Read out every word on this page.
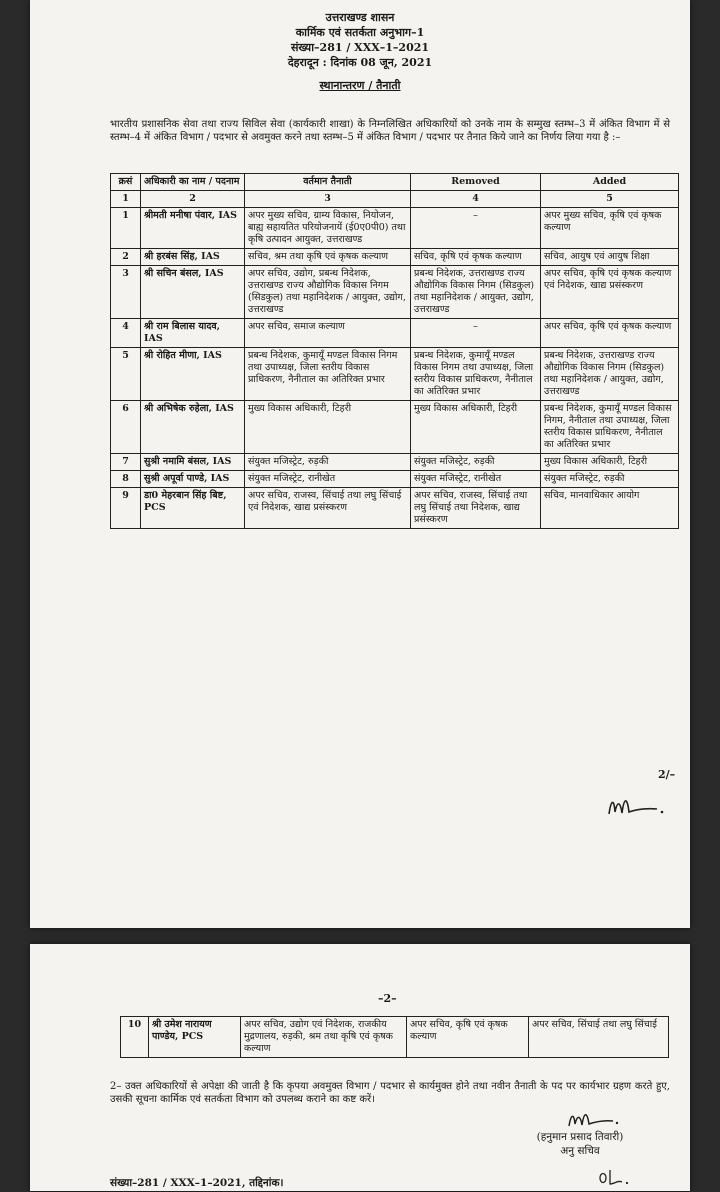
उत्तराखण्ड शासन
कार्मिक एवं सतर्कता अनुभाग–1
संख्या–281 / XXX–1–2021
देहरादून : दिनांक 08 जून, 2021
स्थानान्तरण / तैनाती

भारतीय प्रशासनिक सेवा तथा राज्य सिविल सेवा (कार्यकारी शाखा) के निम्नलिखित अधिकारियों को उनके नाम के सम्मुख स्तम्भ–3 में अंकित विभाग में से स्तम्भ–4 में अंकित विभाग / पदभार से अवमुक्त करने तथा स्तम्भ–5 में अंकित विभाग / पदभार पर तैनात किये जाने का निर्णय लिया गया है :–

क्रसं	अधिकारी का नाम / पदनाम	वर्तमान तैनाती	Removed	Added
1	2	3	4	5
1	श्रीमती मनीषा पंवार, IAS	अपर मुख्य सचिव, ग्राम्य विकास, नियोजन, बाह्य सहायतित परियोजनायें (ई0ए0पी0) तथा कृषि उत्पादन आयुक्त, उत्तराखण्ड	–	अपर मुख्य सचिव, कृषि एवं कृषक कल्याण
2	श्री हरबंस सिंह, IAS	सचिव, श्रम तथा कृषि एवं कृषक कल्याण	सचिव, कृषि एवं कृषक कल्याण	सचिव, आयुष एवं आयुष शिक्षा
3	श्री सचिन बंसल, IAS	अपर सचिव, उद्योग, प्रबन्ध निदेशक, उत्तराखण्ड राज्य औद्योगिक विकास निगम (सिडकुल) तथा महानिदेशक / आयुक्त, उद्योग, उत्तराखण्ड	प्रबन्ध निदेशक, उत्तराखण्ड राज्य औद्योगिक विकास निगम (सिडकुल) तथा महानिदेशक / आयुक्त, उद्योग, उत्तराखण्ड	अपर सचिव, कृषि एवं कृषक कल्याण एवं निदेशक, खाद्य प्रसंस्करण
4	श्री राम बिलास यादव, IAS	अपर सचिव, समाज कल्याण	–	अपर सचिव, कृषि एवं कृषक कल्याण
5	श्री रोहित मीणा, IAS	प्रबन्ध निदेशक, कुमायूँ मण्डल विकास निगम तथा उपाध्यक्ष, जिला स्तरीय विकास प्राधिकरण, नैनीताल का अतिरिक्त प्रभार	प्रबन्ध निदेशक, कुमायूँ मण्डल विकास निगम तथा उपाध्यक्ष, जिला स्तरीय विकास प्राधिकरण, नैनीताल का अतिरिक्त प्रभार	प्रबन्ध निदेशक, उत्तराखण्ड राज्य औद्योगिक विकास निगम (सिडकुल) तथा महानिदेशक / आयुक्त, उद्योग, उत्तराखण्ड
6	श्री अभिषेक रुहेला, IAS	मुख्य विकास अधिकारी, टिहरी	मुख्य विकास अधिकारी, टिहरी	प्रबन्ध निदेशक, कुमायूँ मण्डल विकास निगम, नैनीताल तथा उपाध्यक्ष, जिला स्तरीय विकास प्राधिकरण, नैनीताल का अतिरिक्त प्रभार
7	सुश्री नमामि बंसल, IAS	संयुक्त मजिस्ट्रेट, रुड़की	संयुक्त मजिस्ट्रेट, रुड़की	मुख्य विकास अधिकारी, टिहरी
8	सुश्री अपूर्वा पाण्डे, IAS	संयुक्त मजिस्ट्रेट, रानीखेत	संयुक्त मजिस्ट्रेट, रानीखेत	संयुक्त मजिस्ट्रेट, रुड़की
9	डा0 मेहरबान सिंह बिष्ट, PCS	अपर सचिव, राजस्व, सिंचाई तथा लघु सिंचाई एवं निदेशक, खाद्य प्रसंस्करण	अपर सचिव, राजस्व, सिंचाई तथा लघु सिंचाई तथा निदेशक, खाद्य प्रसंस्करण	सचिव, मानवाधिकार आयोग
2/–
–2–
10	श्री उमेश नारायण पाण्डेय, PCS	अपर सचिव, उद्योग एवं निदेशक, राजकीय मुद्रणालय, रुड़की, श्रम तथा कृषि एवं कृषक कल्याण	अपर सचिव, कृषि एवं कृषक कल्याण	अपर सचिव, सिंचाई तथा लघु सिंचाई

2– उक्त अधिकारियों से अपेक्षा की जाती है कि कृपया अवमुक्त विभाग / पदभार से कार्यमुक्त होने तथा नवीन तैनाती के पद पर कार्यभार ग्रहण करते हुए, उसकी सूचना कार्मिक एवं सतर्कता विभाग को उपलब्ध कराने का कष्ट करें।

(हनुमान प्रसाद तिवारी)
अनु सचिव
संख्या–281 / XXX–1–2021, तद्दिनांक।
